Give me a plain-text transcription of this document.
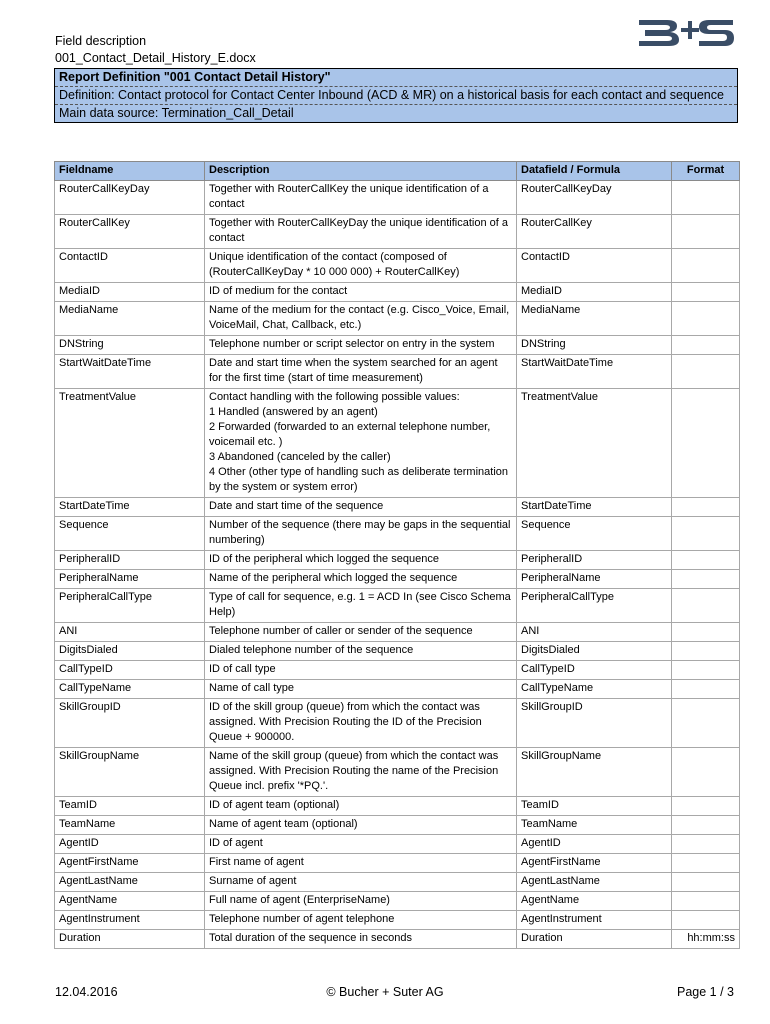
Field description
001_Contact_Detail_History_E.docx
Report Definition "001 Contact Detail History"
Definition: Contact protocol for Contact Center Inbound (ACD & MR) on a historical basis for each contact and sequence
Main data source: Termination_Call_Detail
Fieldname	Description	Datafield / Formula	Format
RouterCallKeyDay	Together with RouterCallKey the unique identification of a contact	RouterCallKeyDay	
RouterCallKey	Together with RouterCallKeyDay the unique identification of a contact	RouterCallKey	
ContactID	Unique identification of the contact (composed of (RouterCallKeyDay * 10 000 000) + RouterCallKey)	ContactID	
MediaID	ID of medium for the contact	MediaID	
MediaName	Name of the medium for the contact (e.g. Cisco_Voice, Email, VoiceMail, Chat, Callback, etc.)	MediaName	
DNString	Telephone number or script selector on entry in the system	DNString	
StartWaitDateTime	Date and start time when the system searched for an agent for the first time (start of time measurement)	StartWaitDateTime	
TreatmentValue	Contact handling with the following possible values:
1 Handled (answered by an agent)
2 Forwarded (forwarded to an external telephone number, voicemail etc. )
3 Abandoned (canceled by the caller)
4 Other (other type of handling such as deliberate termination by the system or system error)	TreatmentValue	
StartDateTime	Date and start time of the sequence	StartDateTime	
Sequence	Number of the sequence (there may be gaps in the sequential numbering)	Sequence	
PeripheralID	ID of the peripheral which logged the sequence	PeripheralID	
PeripheralName	Name of the peripheral which logged the sequence	PeripheralName	
PeripheralCallType	Type of call for sequence, e.g. 1 = ACD In (see Cisco Schema Help)	PeripheralCallType	
ANI	Telephone number of caller or sender of the sequence	ANI	
DigitsDialed	Dialed telephone number of the sequence	DigitsDialed	
CallTypeID	ID of call type	CallTypeID	
CallTypeName	Name of call type	CallTypeName	
SkillGroupID	ID of the skill group (queue) from which the contact was assigned. With Precision Routing the ID of the Precision Queue + 900000.	SkillGroupID	
SkillGroupName	Name of the skill group (queue) from which the contact was assigned. With Precision Routing the name of the Precision Queue incl. prefix '*PQ.'.	SkillGroupName	
TeamID	ID of agent team (optional)	TeamID	
TeamName	Name of agent team (optional)	TeamName	
AgentID	ID of agent	AgentID	
AgentFirstName	First name of agent	AgentFirstName	
AgentLastName	Surname of agent	AgentLastName	
AgentName	Full name of agent (EnterpriseName)	AgentName	
AgentInstrument	Telephone number of agent telephone	AgentInstrument	
Duration	Total duration of the sequence in seconds	Duration	hh:mm:ss
12.04.2016	© Bucher + Suter AG	Page 1 / 3
